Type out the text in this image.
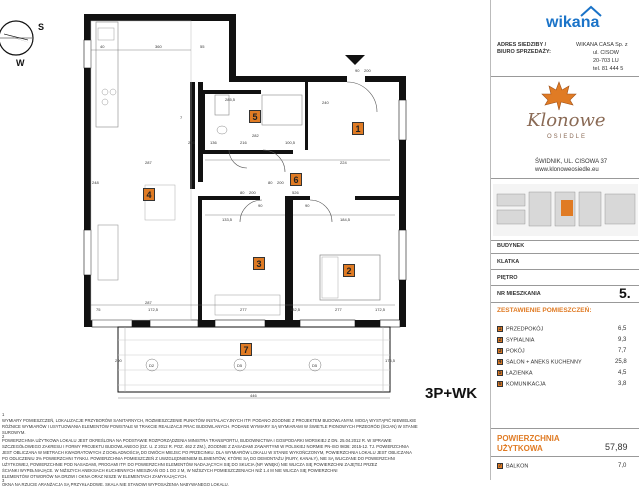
S
W
1
2
3
4
5
6
7
40	360	55
287
7
224
526
133,5	184,5
282
90	90
277	277
172,5	172,5
75	182,5
446
136	216
285,5
100,5
240
203
248
287
200	176,5
90 200
80 200
80 200
D2	D5	D5
3P+WK
1
WYMIARY POMIESZCZEŃ, LOKALIZACJE PRZYBORÓW SANITARNYCH, ROZMIESZCZENIE PUNKTÓW INSTALACYJNYCH ITP. PODANO ZGODNIE Z PROJEKTEM BUDOWLANYM. MOGĄ WYSTĄPIĆ NIEWIELKIE
RÓŻNICE WYMIARÓW I USYTUOWANIA ELEMENTÓW POWSTAŁE W TRAKCIE REALIZACJI PRAC BUDOWLANYCH. PODANE WYMIARY SĄ WYMIARAMI W ŚWIETLE PIONOWYCH PRZEGRÓD (ŚCIAN) W STANIE
SUROWYM.
2
POWIERZCHNIA UŻYTKOWA LOKALU JEST OKREŚLONA NA PODSTAWIE ROZPORZĄDZENIA MINISTRA TRANSPORTU, BUDOWNICTWA I GOSPODARKI MORSKIEJ Z DN. 25.04.2012 R. W SPRAWIE
SZCZEGÓŁOWEGO ZAKRESU I FORMY PROJEKTU BUDOWLANEGO (DZ. U. Z 2012 R. POZ. 462 Z ZM.), ZGODNIE Z ZASADAMI ZAWARTYMI W POLSKIEJ NORMIE PN-ISO 9836: 2015-12. TJ. POWIERZCHNIA
JEST OBLICZANA W METRACH KWADRATOWYCH Z DOKŁADNOŚCIĄ DO DWÓCH MIEJSC PO PRZECINKU. DLA WYMIARÓW LOKALU W STANIE WYKOŃCZONYM, POWIERZCHNIA LOKALU JEST OBLICZANA
PO ODLICZENIU 3% POWIERZCHNI TYNKU. POWIERZCHNIA POMIESZCZEŃ Z UWZGLĘDNIENIEM ELEMENTÓW, KTÓRE SĄ DO DEMONTAŻU (RURY, KANAŁY), NIE SĄ WLICZANE DO POWIERZCHNI
UŻYTKOWEJ, POWIERZCHNIE POD NASADAMI, PROGAMI ITP. DO POWIERZCHNI ELEMENTÓW NADAJĄCYCH SIĘ DO SKUCIA (NP. WNĘKI) NIE WLICZA SIĘ POWIERZCHNI ZAJĘTEJ PRZEZ
ŚCIANKI WYPEŁNIAJĄCE. W NIŻSZYCH ANEKSACH KUCHENNYCH MIESZKAŃ OD 1 DO 2 M, W NIŻSZYCH POMIESZCZENIACH NIŻ 1.4 M NIE WLICZA SIĘ POWIERZCHNI
ELEMENTÓW OTWORÓW NA DRZWI I OKNA ORAZ NISZE W ELEMENTACH ZAMYKAJĄCYCH.
3
OKNA NA RZUCIE ARANŻACJA SĄ PRZYKŁADOWE. SKALA NIE STANOWI WYPOSAŻENIA NABYWANEGO LOKALU.
wikana
ADRES SIEDZIBY /
BIURO SPRZEDAŻY:
WIKANA CASA Sp. z
ul. CISOW
20-703 LU
tel. 81 444 5
Klonowe
OSIEDLE
ŚWIDNIK, UL. CISOWA 37
www.klonoweosiedle.eu
BUDYNEK
KLATKA
PIĘTRO
NR MIESZKANIA	5.
ZESTAWIENIE POMIESZCZEŃ:
1 PRZEDPOKÓJ	6,5
2 SYPIALNIA	9,3
3 POKÓJ	7,7
4 SALON + ANEKS KUCHENNY	25,8
5 ŁAZIENKA	4,5
6 KOMUNIKACJA	3,8
POWIERZCHNIA
UŻYTKOWA	57,89
7 BALKON	7,0
